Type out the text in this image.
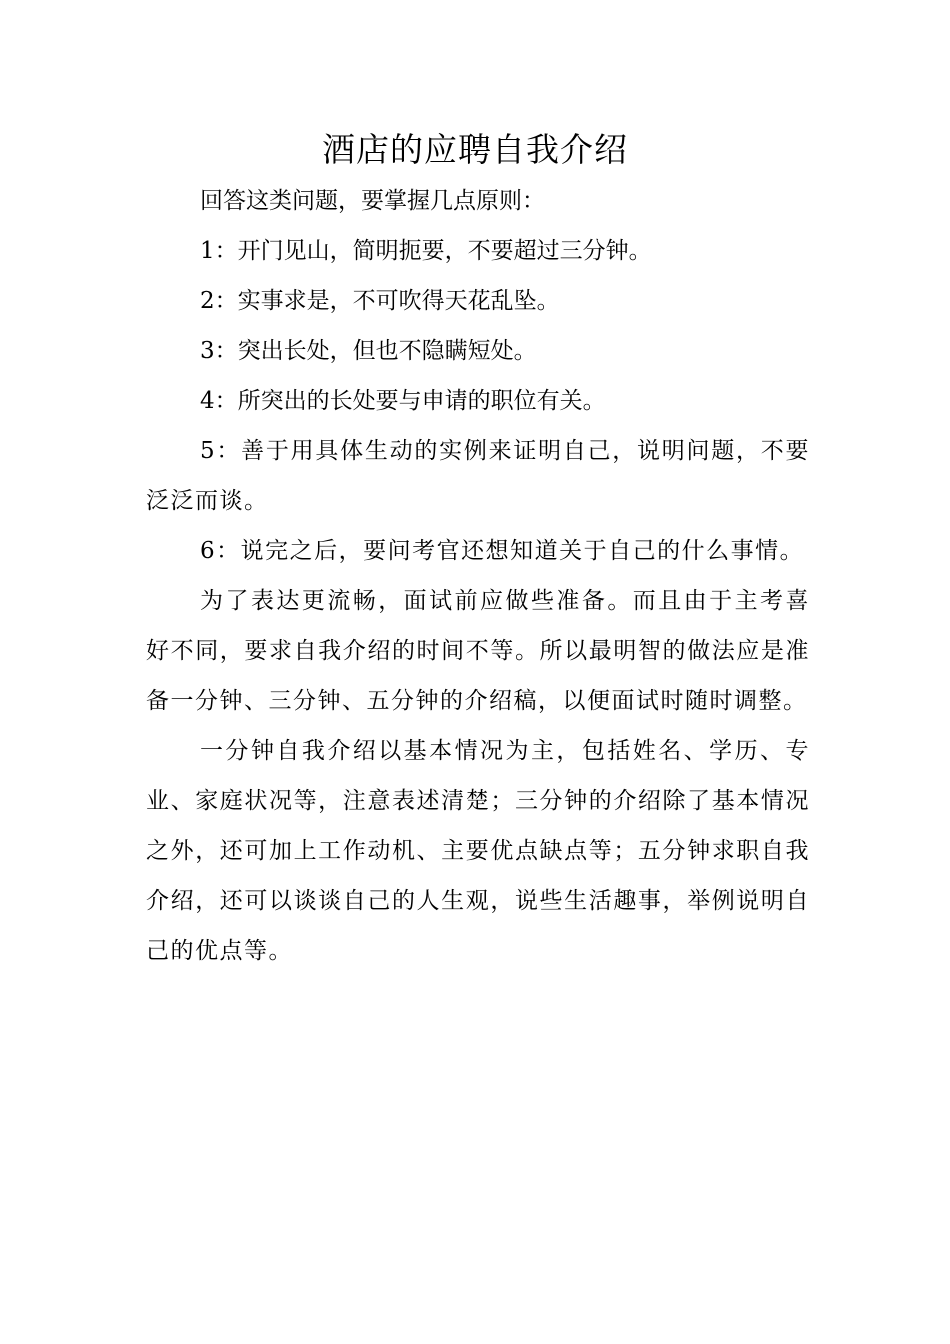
酒店的应聘自我介绍

回答这类问题，要掌握几点原则：

1：开门见山，简明扼要，不要超过三分钟。

2：实事求是，不可吹得天花乱坠。

3：突出长处，但也不隐瞒短处。

4：所突出的长处要与申请的职位有关。

5：善于用具体生动的实例来证明自己，说明问题，不要泛泛而谈。

6：说完之后，要问考官还想知道关于自己的什么事情。

为了表达更流畅，面试前应做些准备。而且由于主考喜好不同，要求自我介绍的时间不等。所以最明智的做法应是准备一分钟、三分钟、五分钟的介绍稿，以便面试时随时调整。

一分钟自我介绍以基本情况为主，包括姓名、学历、专业、家庭状况等，注意表述清楚；三分钟的介绍除了基本情况之外，还可加上工作动机、主要优点缺点等；五分钟求职自我介绍，还可以谈谈自己的人生观，说些生活趣事，举例说明自己的优点等。
